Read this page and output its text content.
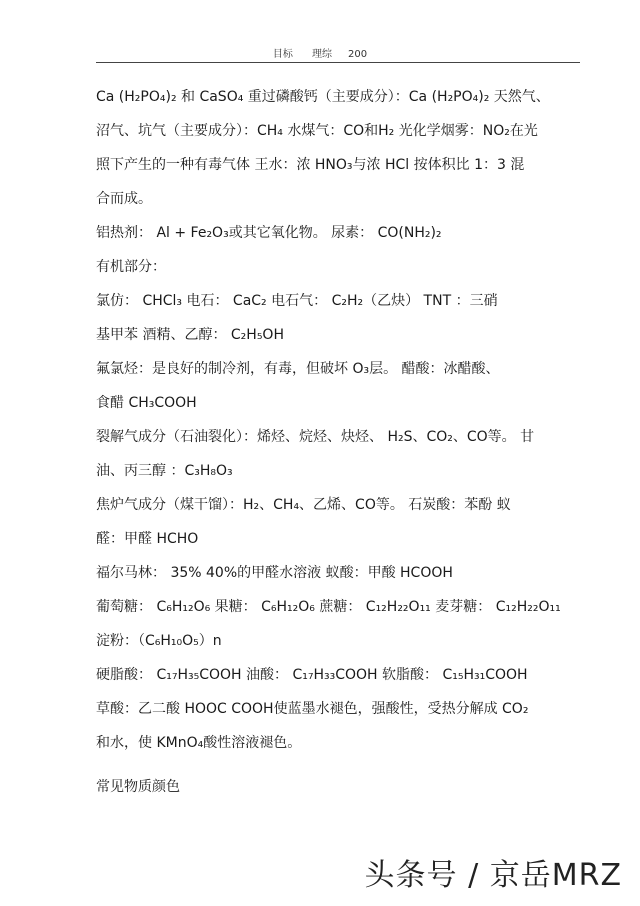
目标 理综 200
Ca (H₂PO₄)₂ 和 CaSO₄ 重过磷酸钙（主要成分）：Ca (H₂PO₄)₂ 天然气、
沼气、坑气（主要成分）：CH₄ 水煤气：CO和H₂ 光化学烟雾：NO₂在光
照下产生的一种有毒气体 王水：浓 HNO₃与浓 HCl 按体积比 1：3 混
合而成。
铝热剂： Al + Fe₂O₃或其它氧化物。 尿素： CO(NH₂)₂
有机部分：
氯仿： CHCl₃ 电石： CaC₂ 电石气： C₂H₂（乙炔） TNT ：三硝
基甲苯 酒精、乙醇： C₂H₅OH
氟氯烃：是良好的制冷剂，有毒，但破坏 O₃层。 醋酸：冰醋酸、
食醋 CH₃COOH
裂解气成分（石油裂化）：烯烃、烷烃、炔烃、 H₂S、CO₂、CO等。 甘
油、丙三醇 ：C₃H₈O₃
焦炉气成分（煤干馏）：H₂、CH₄、乙烯、CO等。 石炭酸：苯酚 蚁
醛：甲醛 HCHO
福尔马林： 35% 40%的甲醛水溶液 蚁酸：甲酸 HCOOH
葡萄糖： C₆H₁₂O₆ 果糖： C₆H₁₂O₆ 蔗糖： C₁₂H₂₂O₁₁ 麦芽糖： C₁₂H₂₂O₁₁
淀粉：（C₆H₁₀O₅）n
硬脂酸： C₁₇H₃₅COOH 油酸： C₁₇H₃₃COOH 软脂酸： C₁₅H₃₁COOH
草酸：乙二酸 HOOC COOH使蓝墨水褪色，强酸性，受热分解成 CO₂
和水，使 KMnO₄酸性溶液褪色。
常见物质颜色
头条号 / 京岳MRZ
